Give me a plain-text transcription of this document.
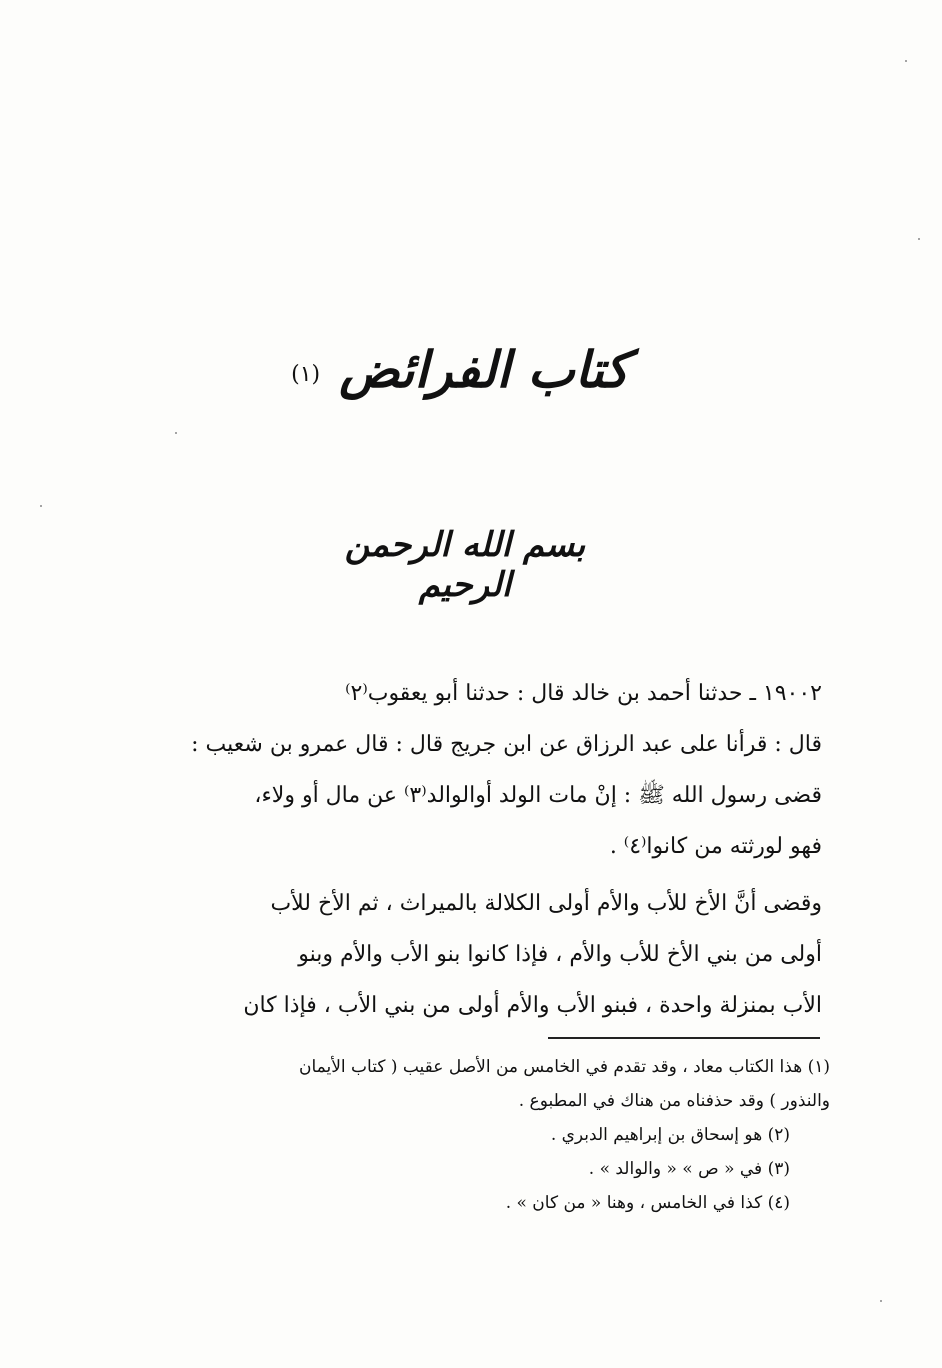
كتاب الفرائض (١)
بسم الله الرحمن الرحيم

١٩٠٠٢ ـ حدثنا أحمد بن خالد قال : حدثنا أبو يعقوب⁽٢⁾

قال : قرأنا على عبد الرزاق عن ابن جريج قال : قال عمرو بن شعيب :

قضى رسول الله ﷺ : إنْ مات الولد أوالوالد⁽٣⁾ عن مال أو ولاء،

فهو لورثته من كانوا⁽٤⁾ .

وقضى أنَّ الأخ للأب والأم أولى الكلالة بالميراث ، ثم الأخ للأب

أولى من بني الأخ للأب والأم ، فإذا كانوا بنو الأب والأم وبنو

الأب بمنزلة واحدة ، فبنو الأب والأم أولى من بني الأب ، فإذا كان

(١) هذا الكتاب معاد ، وقد تقدم في الخامس من الأصل عقيب ( كتاب الأيمان

والنذور ) وقد حذفناه من هناك في المطبوع .

(٢) هو إسحاق بن إبراهيم الدبري .

(٣) في « ص » « والوالد » .

(٤) كذا في الخامس ، وهنا « من كان » .
